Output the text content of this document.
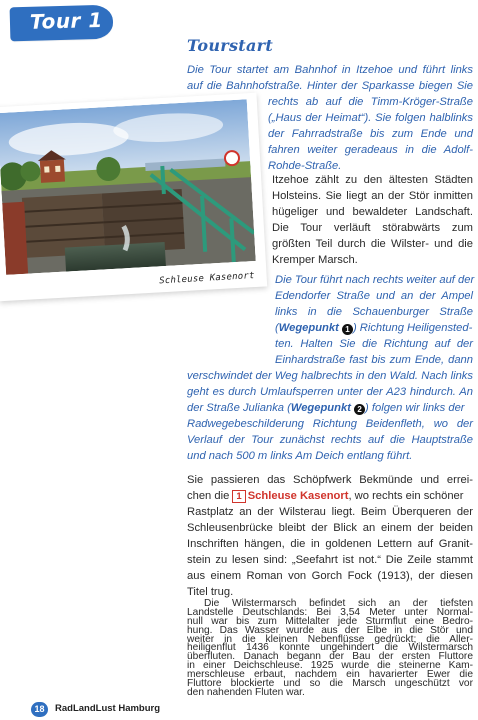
Tour 1
Tourstart
Die Tour startet am Bahnhof in Itzehoe und führt links
auf die Bahnhofstraße. Hinter der Sparkasse biegen Sie
rechts ab auf die Timm-Kröger-Straße
(„Haus der Heimat“). Sie folgen halblinks
der Fahrradstraße bis zum Ende und
fahren weiter geradeaus in die Adolf-
Rohde-Straße.
Itzehoe zählt zu den ältesten Städten
Holsteins. Sie liegt an der Stör inmitten
hügeliger und bewaldeter Landschaft.
Die Tour verläuft störabwärts zum
größten Teil durch die Wilster- und die
Kremper Marsch.
Die Tour führt nach rechts weiter auf der
Edendorfer Straße und an der Ampel
links in die Schauenburger Straße
(Wegepunkt 1 ) Richtung Heiligensted-
ten. Halten Sie die Richtung auf der
Einhardstraße fast bis zum Ende, dann
verschwindet der Weg halbrechts in den Wald. Nach links
geht es durch Umlaufsperren unter der A23 hindurch. An
der Straße Julianka (Wegepunkt 2 ) folgen wir links der
Radwegebeschilderung Richtung Beidenfleth, wo der
Verlauf der Tour zunächst rechts auf die Hauptstraße
und nach 500 m links Am Deich entlang führt.
Sie passieren das Schöpfwerk Bekmünde und errei-
chen die 1 Schleuse Kasenort, wo rechts ein schöner
Rastplatz an der Wilsterau liegt. Beim Überqueren der
Schleusenbrücke bleibt der Blick an einem der beiden
Inschriften hängen, die in goldenen Lettern auf Granit-
stein zu lesen sind: „Seefahrt ist not.“ Die Zeile stammt
aus einem Roman von Gorch Fock (1913), der diesen
Titel trug.
Schleuse Kasenort
18	RadLandLust Hamburg
Die Wilstermarsch befindet sich an der tiefsten
Landstelle Deutschlands: Bei 3,54 Meter unter Normal-
null war bis zum Mittelalter jede Sturmflut eine Bedro-
hung. Das Wasser wurde aus der Elbe in die Stör und
weiter in die kleinen Nebenflüsse gedrückt; die Aller-
heiligenflut 1436 konnte ungehindert die Wilstermarsch
überfluten. Danach begann der Bau der ersten Fluttore
in einer Deichschleuse. 1925 wurde die steinerne Kam-
merschleuse erbaut, nachdem ein havarierter Ewer die
Fluttore blockierte und so die Marsch ungeschützt vor
den nahenden Fluten war.
